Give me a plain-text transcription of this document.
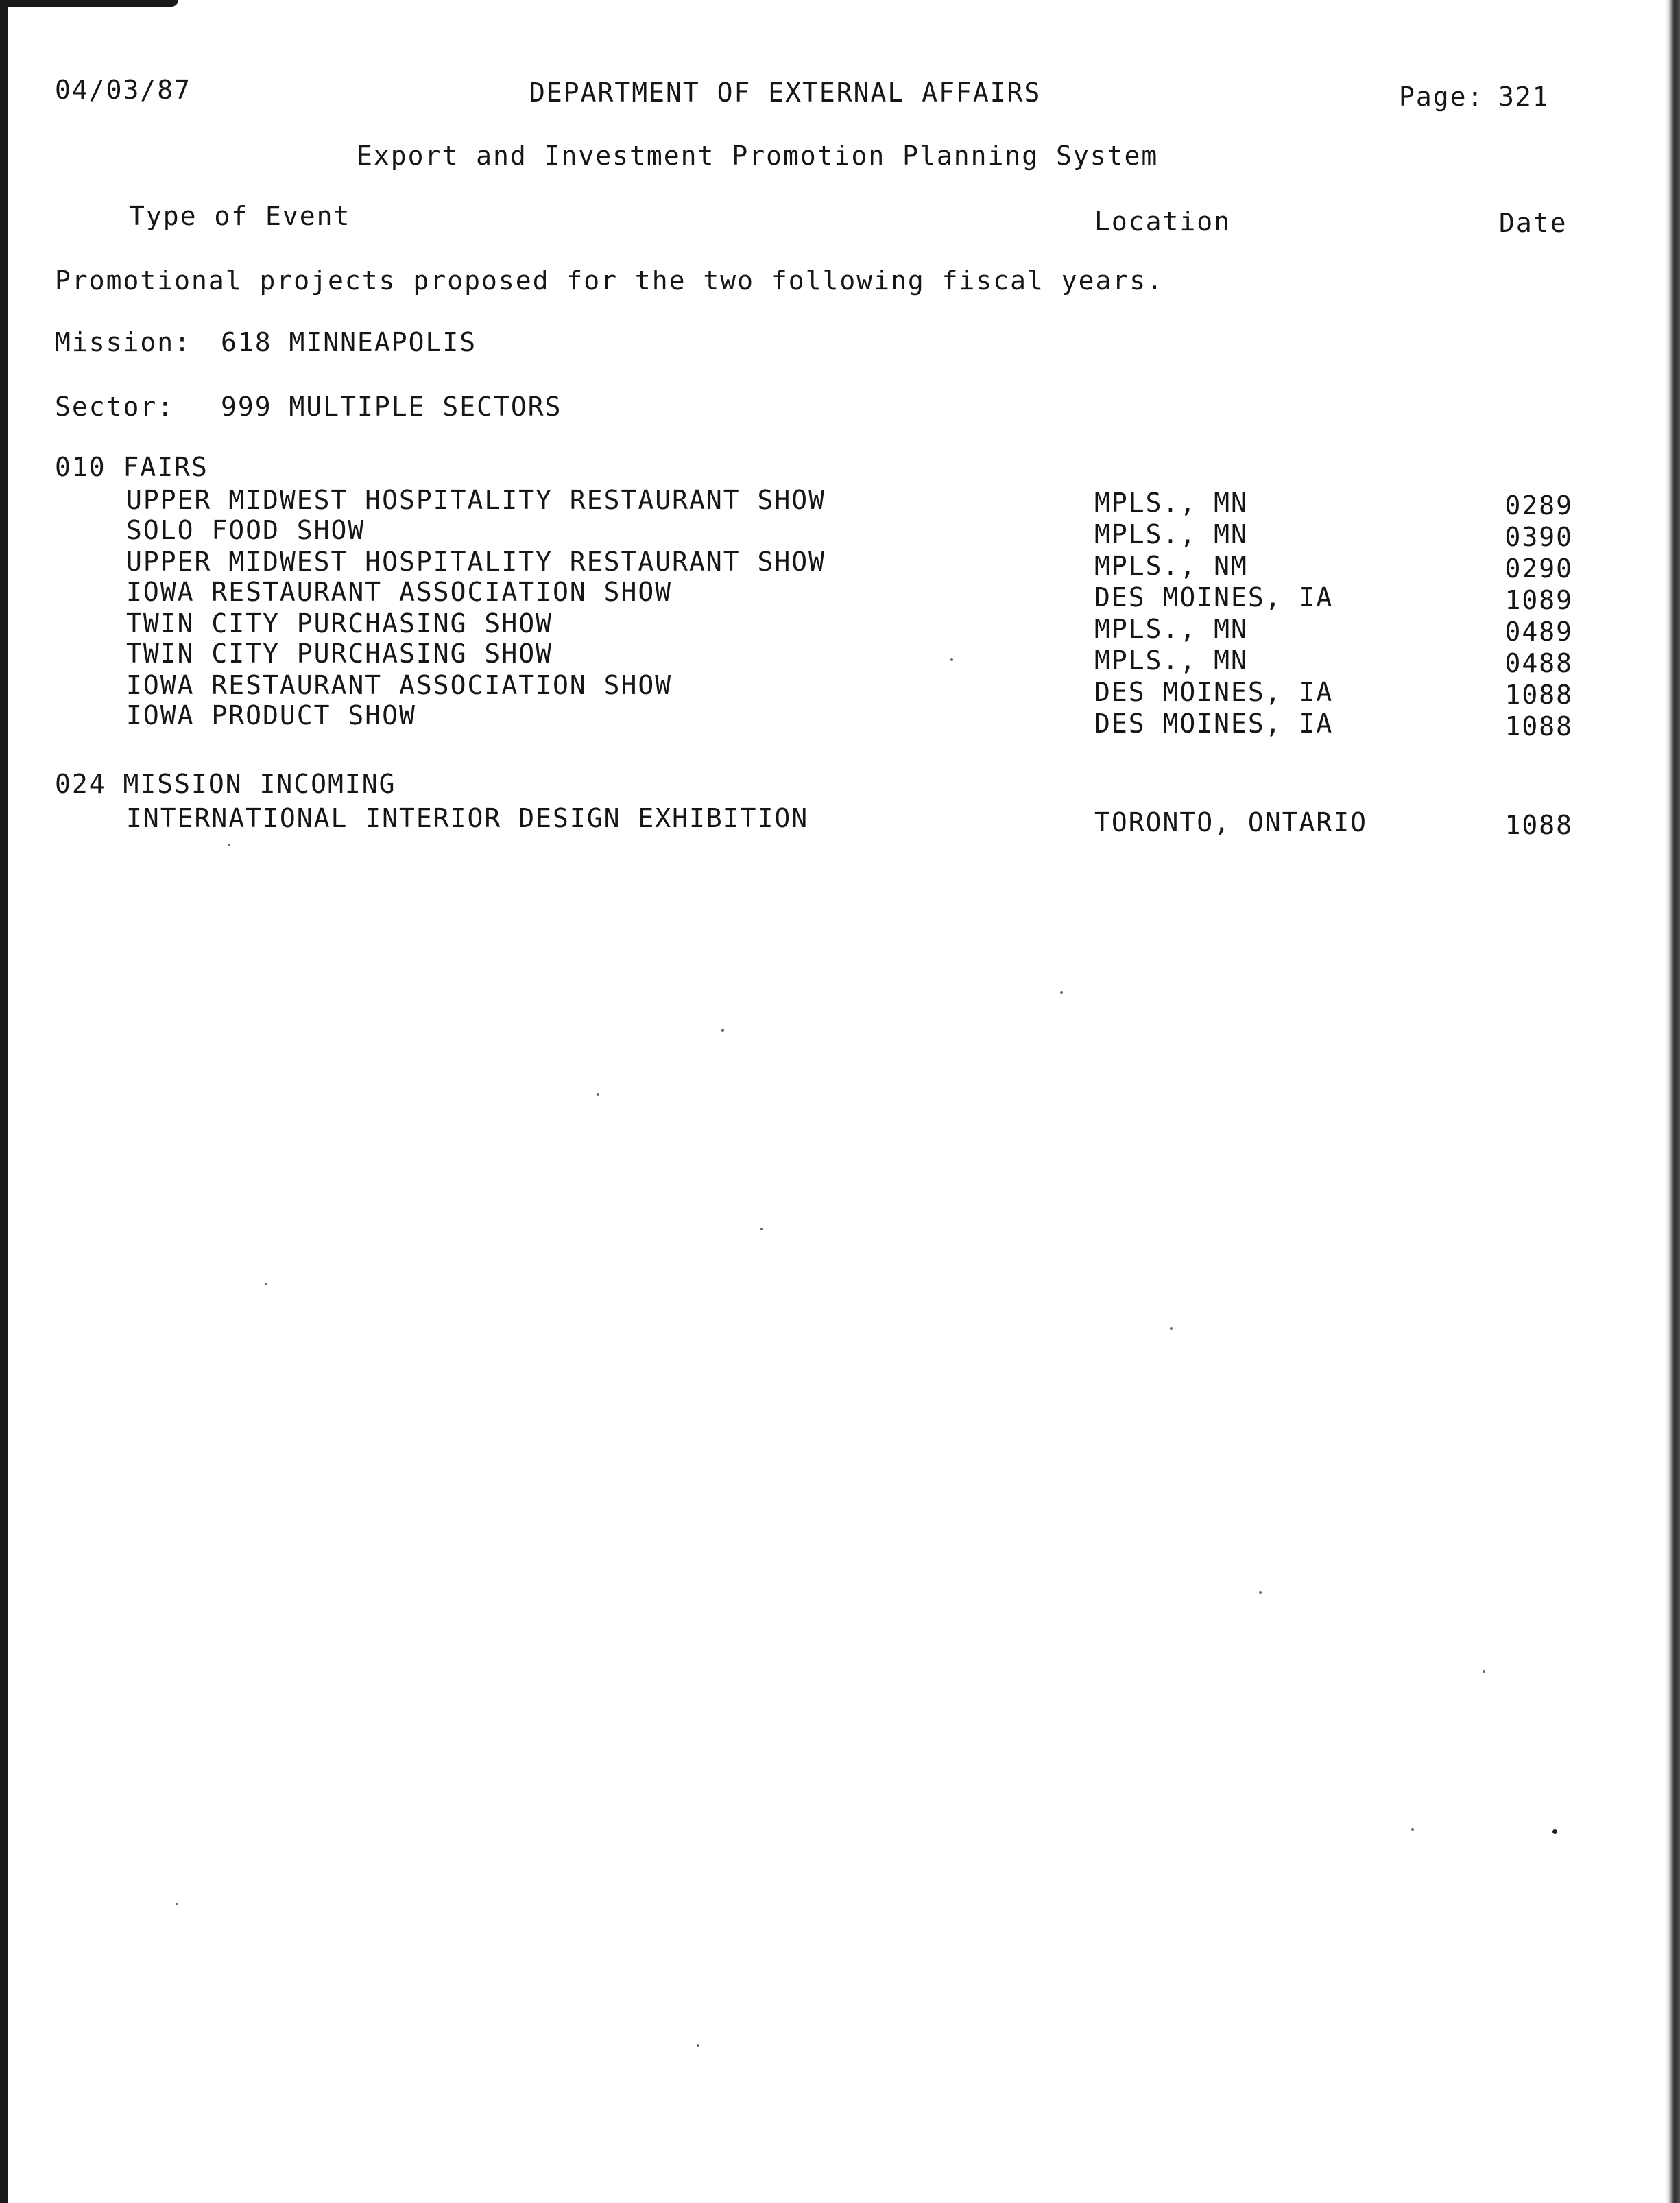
04/03/87	DEPARTMENT OF EXTERNAL AFFAIRS	Page: 321
Export and Investment Promotion Planning System
Type of Event	Location	Date
Promotional projects proposed for the two following fiscal years.
Mission: 618 MINNEAPOLIS
Sector: 999 MULTIPLE SECTORS
010 FAIRS
UPPER MIDWEST HOSPITALITY RESTAURANT SHOW	MPLS., MN	0289
SOLO FOOD SHOW	MPLS., MN	0390
UPPER MIDWEST HOSPITALITY RESTAURANT SHOW	MPLS., NM	0290
IOWA RESTAURANT ASSOCIATION SHOW	DES MOINES, IA	1089
TWIN CITY PURCHASING SHOW	MPLS., MN	0489
TWIN CITY PURCHASING SHOW	MPLS., MN	0488
IOWA RESTAURANT ASSOCIATION SHOW	DES MOINES, IA	1088
IOWA PRODUCT SHOW	DES MOINES, IA	1088
024 MISSION INCOMING
INTERNATIONAL INTERIOR DESIGN EXHIBITION	TORONTO, ONTARIO	1088
